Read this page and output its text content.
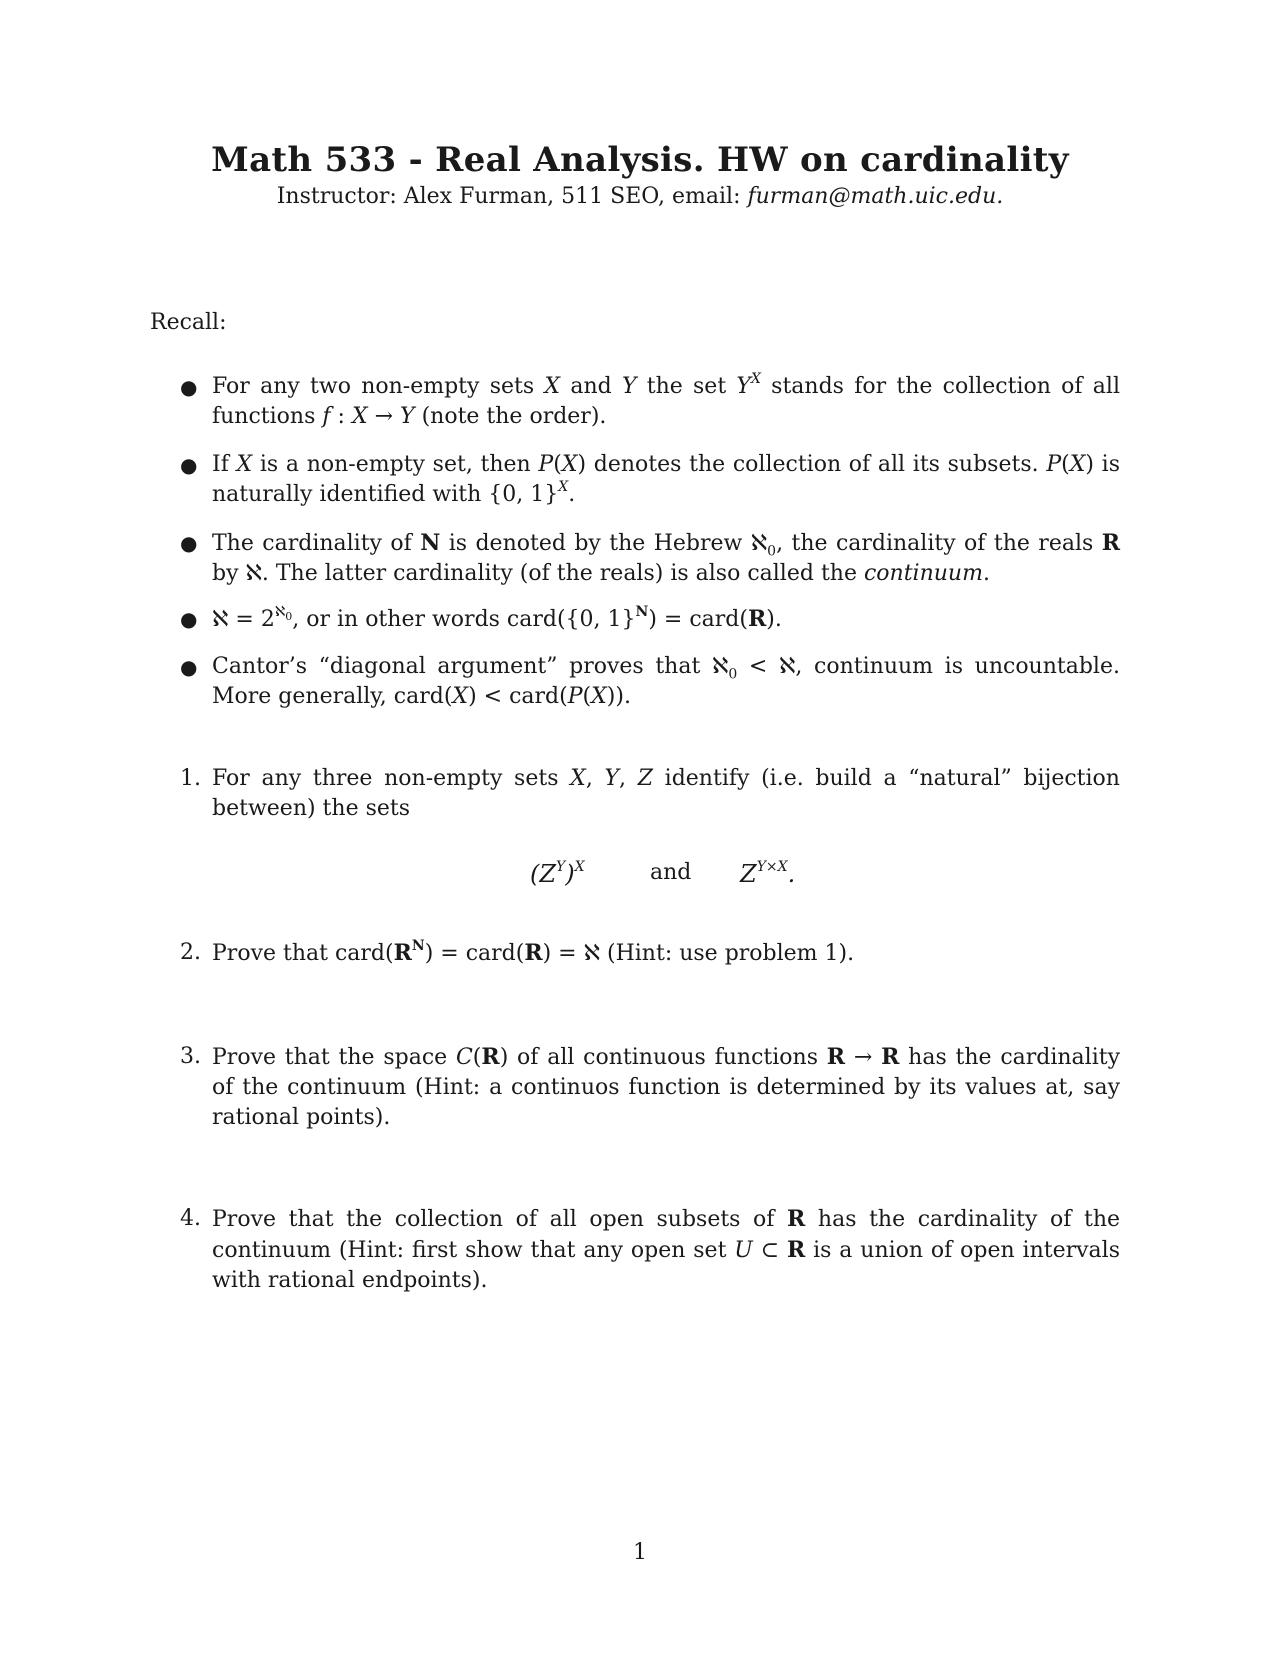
Math 533 - Real Analysis. HW on cardinality
Instructor: Alex Furman, 511 SEO, email: furman@math.uic.edu.
Recall:
● For any two non-empty sets X and Y the set $Y^X$ stands for the collection of all functions f : X → Y (note the order).
● If X is a non-empty set, then P(X) denotes the collection of all its subsets. P(X) is naturally identified with {0, 1}$^X$.
● The cardinality of N is denoted by the Hebrew ℵ$_0$, the cardinality of the reals R by ℵ. The latter cardinality (of the reals) is also called the continuum.
● ℵ = $2^{ℵ_0}$, or in other words card({0, 1}$^N$) = card(R).
● Cantor’s “diagonal argument” proves that ℵ$_0$ < ℵ, continuum is uncountable. More generally, card(X) < card(P(X)).
1. For any three non-empty sets X, Y, Z identify (i.e. build a “natural” bijection between) the sets
$(Z^Y)^X$	and $Z^{Y\times X}$.
2. Prove that $card(R^N)$ = card(R) = ℵ (Hint: use problem 1).
3. Prove that the space C(R) of all continuous functions R → R has the cardinality of the continuum (Hint: a continuos function is determined by its values at, say rational points).
4. Prove that the collection of all open subsets of R has the cardinality of the continuum (Hint: first show that any open set U ⊂ R is a union of open intervals with rational endpoints).
1
